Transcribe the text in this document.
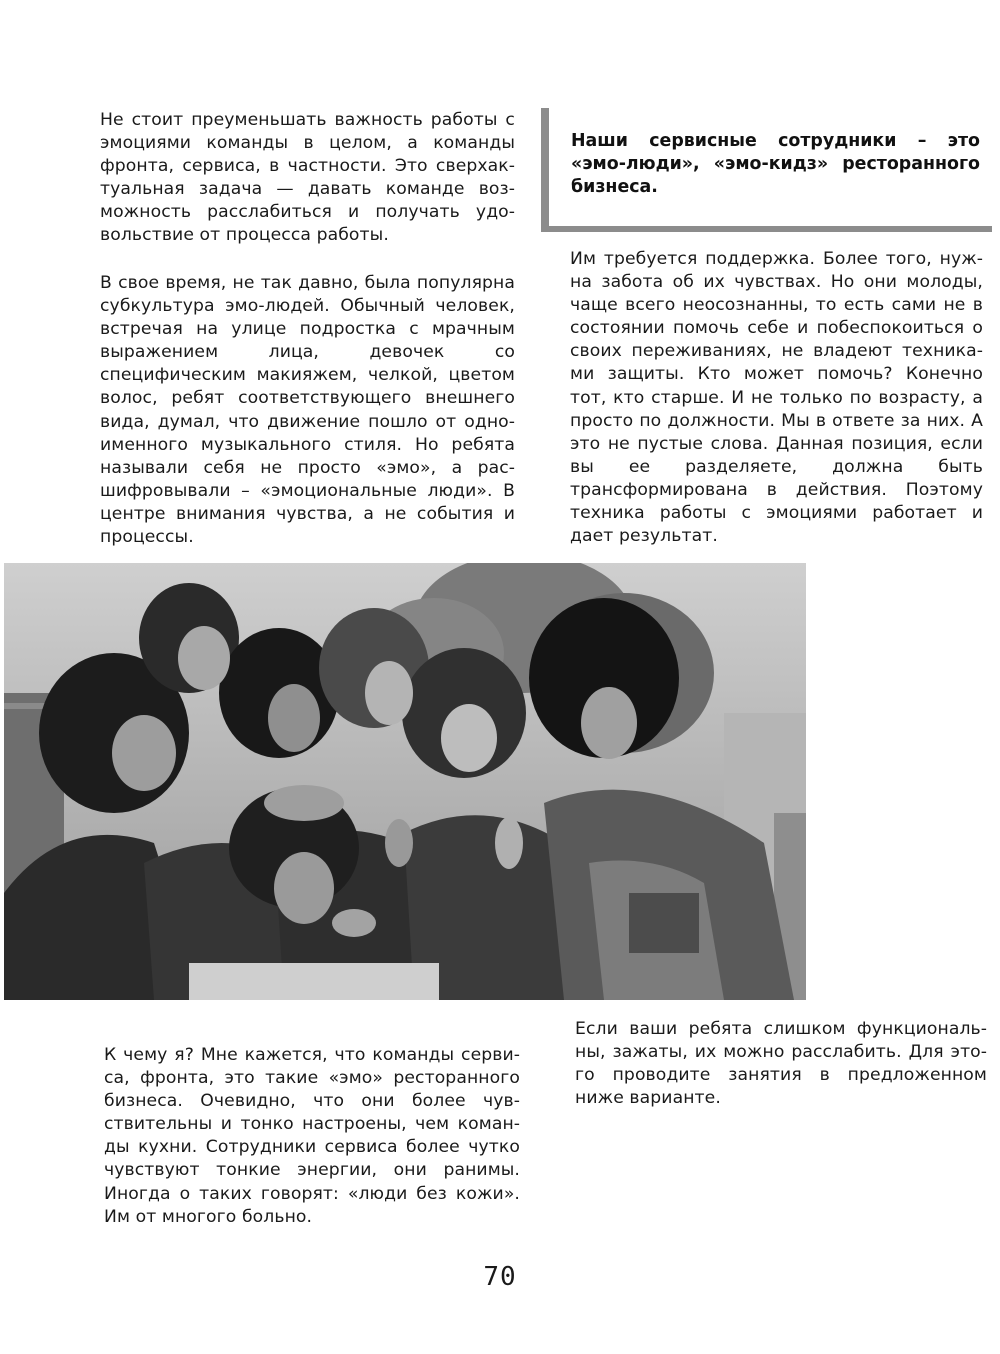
Не стоит преуменьшать важность работы с эмоциями команды в целом, а команды фронта, сервиса, в частности. Это сверхактуальная задача — давать команде возможность расслабиться и получать удовольствие от процесса работы.

В свое время, не так давно, была популярна субкультура эмо-людей. Обычный человек, встречая на улице подростка с мрачным выражением лица, девочек со специфическим макияжем, челкой, цветом волос, ребят соответствующего внешнего вида, думал, что движение пошло от одноименного музыкального стиля. Но ребята называли себя не просто «эмо», а расшифровывали – «эмоциональные люди». В центре внимания чувства, а не события и процессы.

Наши сервисные сотрудники – это «эмо-люди», «эмо-кидз» ресторанного бизнеса.

Им требуется поддержка. Более того, нужна забота об их чувствах. Но они молоды, чаще всего неосознанны, то есть сами не в состоянии помочь себе и побеспокоиться о своих переживаниях, не владеют техниками защиты. Кто может помочь? Конечно тот, кто старше. И не только по возрасту, а просто по должности. Мы в ответе за них. А это не пустые слова. Данная позиция, если вы ее разделяете, должна быть трансформирована в действия. Поэтому техника работы с эмоциями работает и дает результат.

К чему я? Мне кажется, что команды сервиса, фронта, это такие «эмо» ресторанного бизнеса. Очевидно, что они более чувствительны и тонко настроены, чем команды кухни. Сотрудники сервиса более чутко чувствуют тонкие энергии, они ранимы. Иногда о таких говорят: «люди без кожи». Им от многого больно.

Если ваши ребята слишком функциональны, зажаты, их можно расслабить. Для этого проводите занятия в предложенном ниже варианте.

70
